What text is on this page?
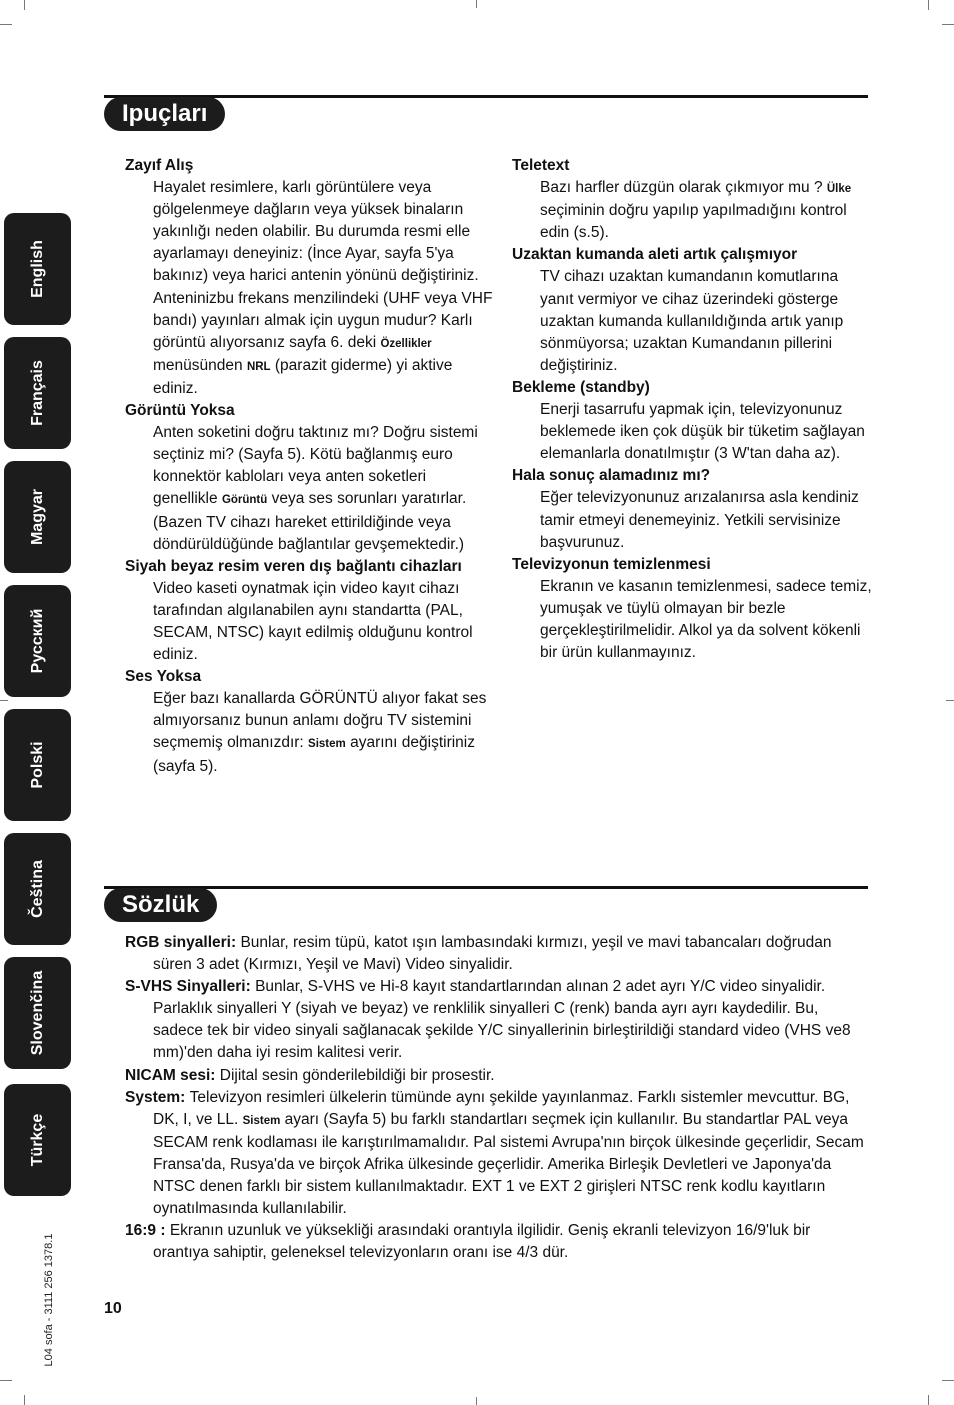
English
Français
Magyar
Русский
Polski
Čeština
Slovenčina
Türkçe
L04 sofa - 3111 256 1378.1
Ipuçları

Zayıf Alış

Hayalet resimlere, karlı görüntülere veya gölgelenmeye dağların veya yüksek binaların yakınlığı neden olabilir. Bu durumda resmi elle ayarlamayı deneyiniz: (İnce Ayar, sayfa 5'ya bakınız) veya harici antenin yönünü değiştiriniz. Anteninizbu frekans menzilindeki (UHF veya VHF bandı) yayınları almak için uygun mudur? Karlı görüntü alıyorsanız sayfa 6. deki Özellikler menüsünden NRL (parazit giderme) yi aktive ediniz.

Görüntü Yoksa

Anten soketini doğru taktınız mı? Doğru sistemi seçtiniz mi? (Sayfa 5). Kötü bağlanmış euro konnektör kabloları veya anten soketleri genellikle Görüntü veya ses sorunları yaratırlar. (Bazen TV cihazı hareket ettirildiğinde veya döndürüldüğünde bağlantılar gevşemektedir.)

Siyah beyaz resim veren dış bağlantı cihazları

Video kaseti oynatmak için video kayıt cihazı tarafından algılanabilen aynı standartta (PAL, SECAM, NTSC) kayıt edilmiş olduğunu kontrol ediniz.

Ses Yoksa

Eğer bazı kanallarda GÖRÜNTÜ alıyor fakat ses almıyorsanız bunun anlamı doğru TV sistemini seçmemiş olmanızdır: Sistem ayarını değiştiriniz (sayfa 5).

Teletext

Bazı harfler düzgün olarak çıkmıyor mu ? Ülke seçiminin doğru yapılıp yapılmadığını kontrol edin (s.5).

Uzaktan kumanda aleti artık çalışmıyor

TV cihazı uzaktan kumandanın komutlarına yanıt vermiyor ve cihaz üzerindeki gösterge uzaktan kumanda kullanıldığında artık yanıp sönmüyorsa; uzaktan Kumandanın pillerini değiştiriniz.

Bekleme (standby)

Enerji tasarrufu yapmak için, televizyonunuz beklemede iken çok düşük bir tüketim sağlayan elemanlarla donatılmıştır (3 W'tan daha az).

Hala sonuç alamadınız mı?

Eğer televizyonunuz arızalanırsa asla kendiniz tamir etmeyi denemeyiniz. Yetkili servisinize başvurunuz.

Televizyonun temizlenmesi

Ekranın ve kasanın temizlenmesi, sadece temiz, yumuşak ve tüylü olmayan bir bezle gerçekleştirilmelidir. Alkol ya da solvent kökenli bir ürün kullanmayınız.

Sözlük

RGB sinyalleri: Bunlar, resim tüpü, katot ışın lambasındaki kırmızı, yeşil ve mavi tabancaları doğrudan süren 3 adet (Kırmızı, Yeşil ve Mavi) Video sinyalidir.

S-VHS Sinyalleri: Bunlar, S-VHS ve Hi-8 kayıt standartlarından alınan 2 adet ayrı Y/C video sinyalidir. Parlaklık sinyalleri Y (siyah ve beyaz) ve renklilik sinyalleri C (renk) banda ayrı ayrı kaydedilir. Bu, sadece tek bir video sinyali sağlanacak şekilde Y/C sinyallerinin birleştirildiği standard video (VHS ve8 mm)'den daha iyi resim kalitesi verir.

NICAM sesi: Dijital sesin gönderilebildiği bir prosestir.

System: Televizyon resimleri ülkelerin tümünde aynı şekilde yayınlanmaz. Farklı sistemler mevcuttur. BG, DK, I, ve LL. Sistem ayarı (Sayfa 5) bu farklı standartları seçmek için kullanılır. Bu standartlar PAL veya SECAM renk kodlaması ile karıştırılmamalıdır. Pal sistemi Avrupa'nın birçok ülkesinde geçerlidir, Secam Fransa'da, Rusya'da ve birçok Afrika ülkesinde geçerlidir. Amerika Birleşik Devletleri ve Japonya'da NTSC denen farklı bir sistem kullanılmaktadır. EXT 1 ve EXT 2 girişleri NTSC renk kodlu kayıtların oynatılmasında kullanılabilir.

16:9 : Ekranın uzunluk ve yüksekliği arasındaki orantıyla ilgilidir. Geniş ekranli televizyon 16/9'luk bir orantıya sahiptir, geleneksel televizyonların oranı ise 4/3 dür.

10
